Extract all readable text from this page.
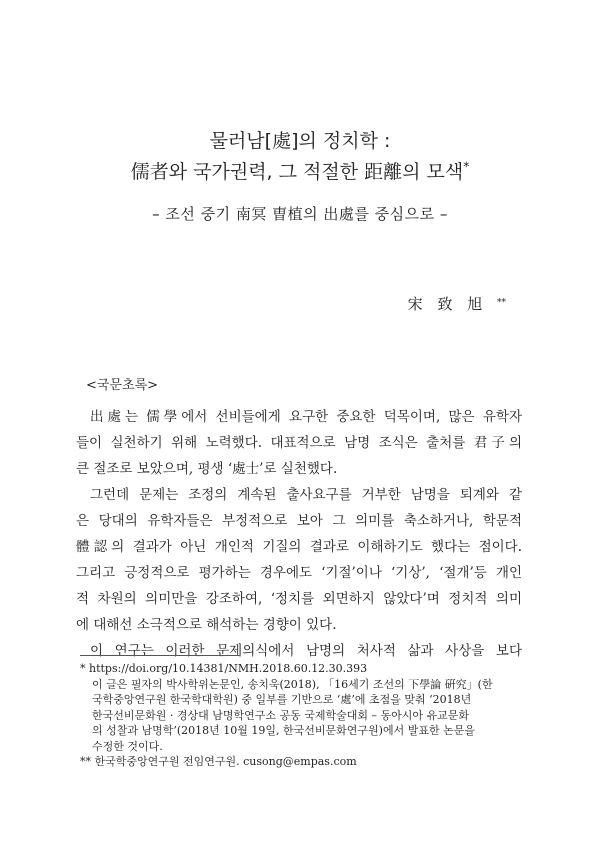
물러남[處]의 정치학 :
儒者와 국가권력, 그 적절한 距離의 모색*
– 조선 중기 南冥 曺植의 出處를 중심으로 –
宋 致 旭 **
<국문초록>
出處는 儒學에서 선비들에게 요구한 중요한 덕목이며, 많은 유학자
들이 실천하기 위해 노력했다. 대표적으로 남명 조식은 출처를 君子의
큰 절조로 보았으며, 평생 ‘處士’로 실천했다.
그런데 문제는 조정의 계속된 출사요구를 거부한 남명을 퇴계와 같
은 당대의 유학자들은 부정적으로 보아 그 의미를 축소하거나, 학문적
體認의 결과가 아닌 개인적 기질의 결과로 이해하기도 했다는 점이다.
그리고 긍정적으로 평가하는 경우에도 ‘기절’이나 ‘기상’, ‘절개’등 개인
적 차원의 의미만을 강조하여, ‘정치를 외면하지 않았다’며 정치적 의미
에 대해선 소극적으로 해석하는 경향이 있다.
이 연구는 이러한 문제의식에서 남명의 처사적 삶과 사상을 보다
* https://doi.org/10.14381/NMH.2018.60.12.30.393
이 글은 필자의 박사학위논문인, 송치욱(2018), 「16세기 조선의 下學論 硏究」(한
국학중앙연구원 한국학대학원) 중 일부를 기반으로 ‘處’에 초점을 맞춰 ‘2018년
한국선비문화원 · 경상대 남명학연구소 공동 국제학술대회 – 동아시아 유교문화
의 성찰과 남명학’(2018년 10월 19일, 한국선비문화연구원)에서 발표한 논문을
수정한 것이다.
** 한국학중앙연구원 전임연구원. cusong@empas.com
